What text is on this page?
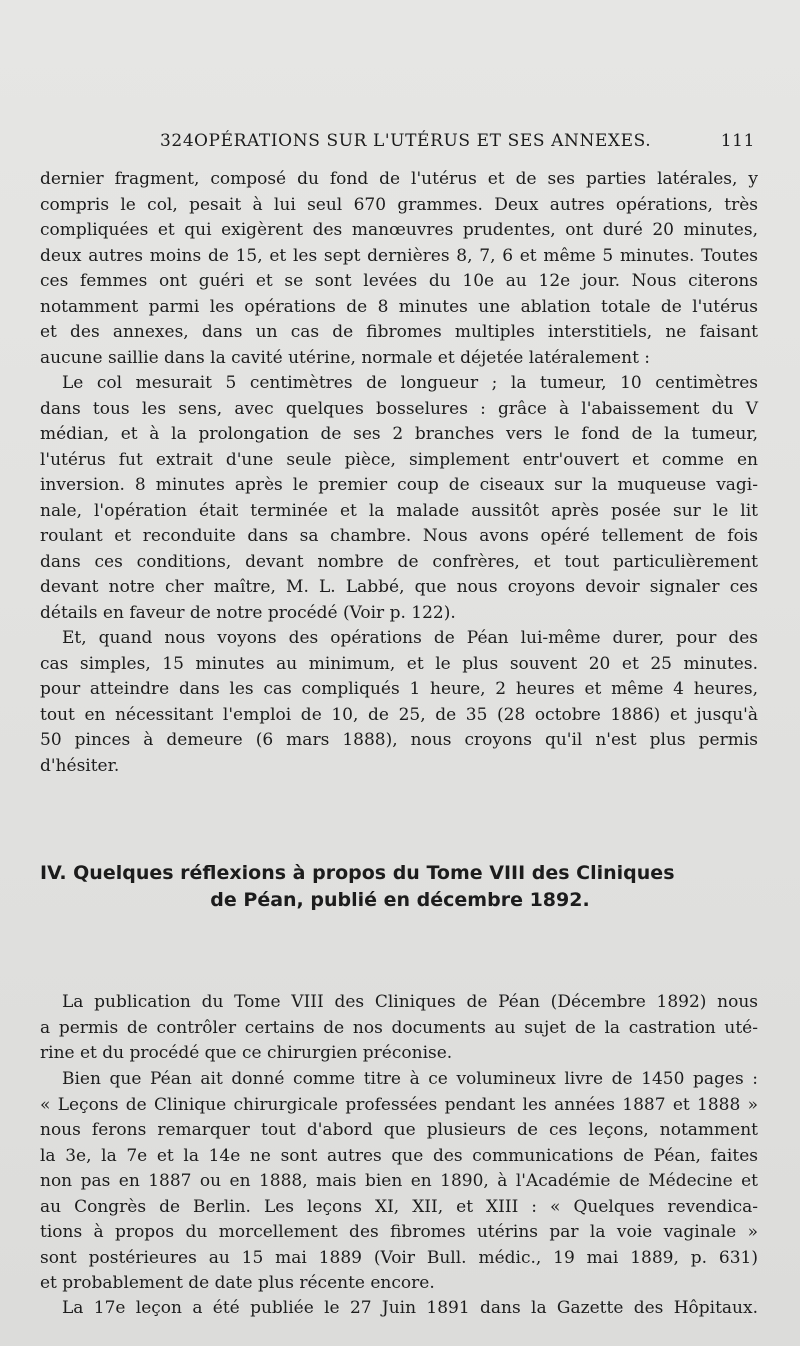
324 OPÉRATIONS SUR L'UTÉRUS ET SES ANNEXES.	111
dernier fragment, composé du fond de l'utérus et de ses parties latérales, y
compris le col, pesait à lui seul 670 grammes. Deux autres opérations, très
compliquées et qui exigèrent des manœuvres prudentes, ont duré 20 minutes,
deux autres moins de 15, et les sept dernières 8, 7, 6 et même 5 minutes. Toutes
ces femmes ont guéri et se sont levées du 10e au 12e jour. Nous citerons
notamment parmi les opérations de 8 minutes une ablation totale de l'utérus
et des annexes, dans un cas de fibromes multiples interstitiels, ne faisant
aucune saillie dans la cavité utérine, normale et déjetée latéralement :
Le col mesurait 5 centimètres de longueur ; la tumeur, 10 centimètres
dans tous les sens, avec quelques bosselures : grâce à l'abaissement du V
médian, et à la prolongation de ses 2 branches vers le fond de la tumeur,
l'utérus fut extrait d'une seule pièce, simplement entr'ouvert et comme en
inversion. 8 minutes après le premier coup de ciseaux sur la muqueuse vagi-
nale, l'opération était terminée et la malade aussitôt après posée sur le lit
roulant et reconduite dans sa chambre. Nous avons opéré tellement de fois
dans ces conditions, devant nombre de confrères, et tout particulièrement
devant notre cher maître, M. L. Labbé, que nous croyons devoir signaler ces
détails en faveur de notre procédé (Voir p. 122).
Et, quand nous voyons des opérations de Péan lui-même durer, pour des
cas simples, 15 minutes au minimum, et le plus souvent 20 et 25 minutes.
pour atteindre dans les cas compliqués 1 heure, 2 heures et même 4 heures,
tout en nécessitant l'emploi de 10, de 25, de 35 (28 octobre 1886) et jusqu'à
50 pinces à demeure (6 mars 1888), nous croyons qu'il n'est plus permis
d'hésiter.
IV. Quelques réflexions à propos du Tome VIII des Cliniques
de Péan, publié en décembre 1892.
La publication du Tome VIII des Cliniques de Péan (Décembre 1892) nous
a permis de contrôler certains de nos documents au sujet de la castration uté-
rine et du procédé que ce chirurgien préconise.
Bien que Péan ait donné comme titre à ce volumineux livre de 1450 pages :
« Leçons de Clinique chirurgicale professées pendant les années 1887 et 1888 »
nous ferons remarquer tout d'abord que plusieurs de ces leçons, notamment
la 3e, la 7e et la 14e ne sont autres que des communications de Péan, faites
non pas en 1887 ou en 1888, mais bien en 1890, à l'Académie de Médecine et
au Congrès de Berlin. Les leçons XI, XII, et XIII : « Quelques revendica-
tions à propos du morcellement des fibromes utérins par la voie vaginale »
sont postérieures au 15 mai 1889 (Voir Bull. médic., 19 mai 1889, p. 631)
et probablement de date plus récente encore.
La 17e leçon a été publiée le 27 Juin 1891 dans la Gazette des Hôpitaux.
